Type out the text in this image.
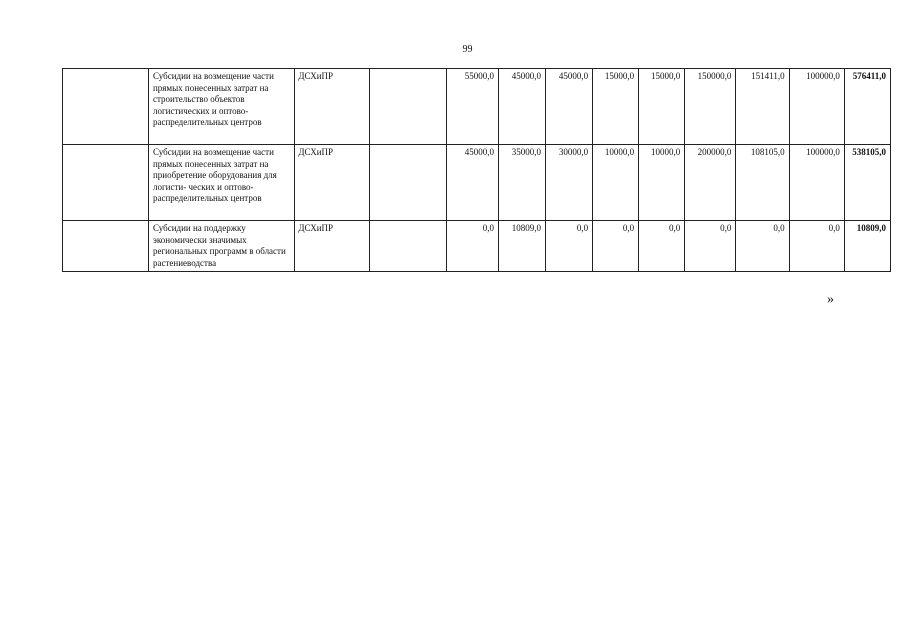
99
	Субсидии на возмещение части прямых понесенных затрат на строительство объектов логистических и оптово-распределительных центров	ДСХиПР		55000,0	45000,0	45000,0	15000,0	15000,0	150000,0	151411,0	100000,0	576411,0
	Субсидии на возмещение части прямых понесенных затрат на приобретение оборудования для логисти- ческих и оптово- распределительных центров	ДСХиПР		45000,0	35000,0	30000,0	10000,0	10000,0	200000,0	108105,0	100000,0	538105,0
	Субсидии на поддержку экономически значимых региональных программ в области растениеводства	ДСХиПР		0,0	10809,0	0,0	0,0	0,0	0,0	0,0	0,0	10809,0
»
